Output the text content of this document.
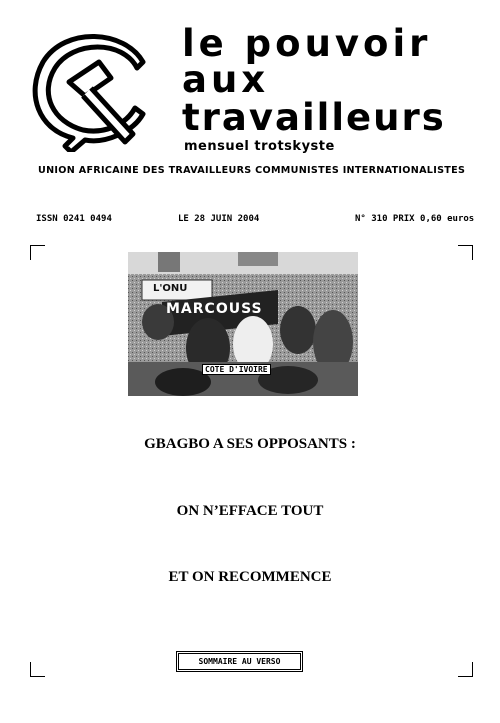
le pouvoir
aux
travailleurs
mensuel trotskyste
UNION AFRICAINE DES TRAVAILLEURS COMMUNISTES INTERNATIONALISTES
ISSN 0241 0494	LE 28 JUIN 2004	N° 310 PRIX 0,60 euros
L'ONU
MARCOUSS
COTE D'IVOIRE
GBAGBO A SES OPPOSANTS :
ON N’EFFACE TOUT
ET ON RECOMMENCE
SOMMAIRE AU VERSO
